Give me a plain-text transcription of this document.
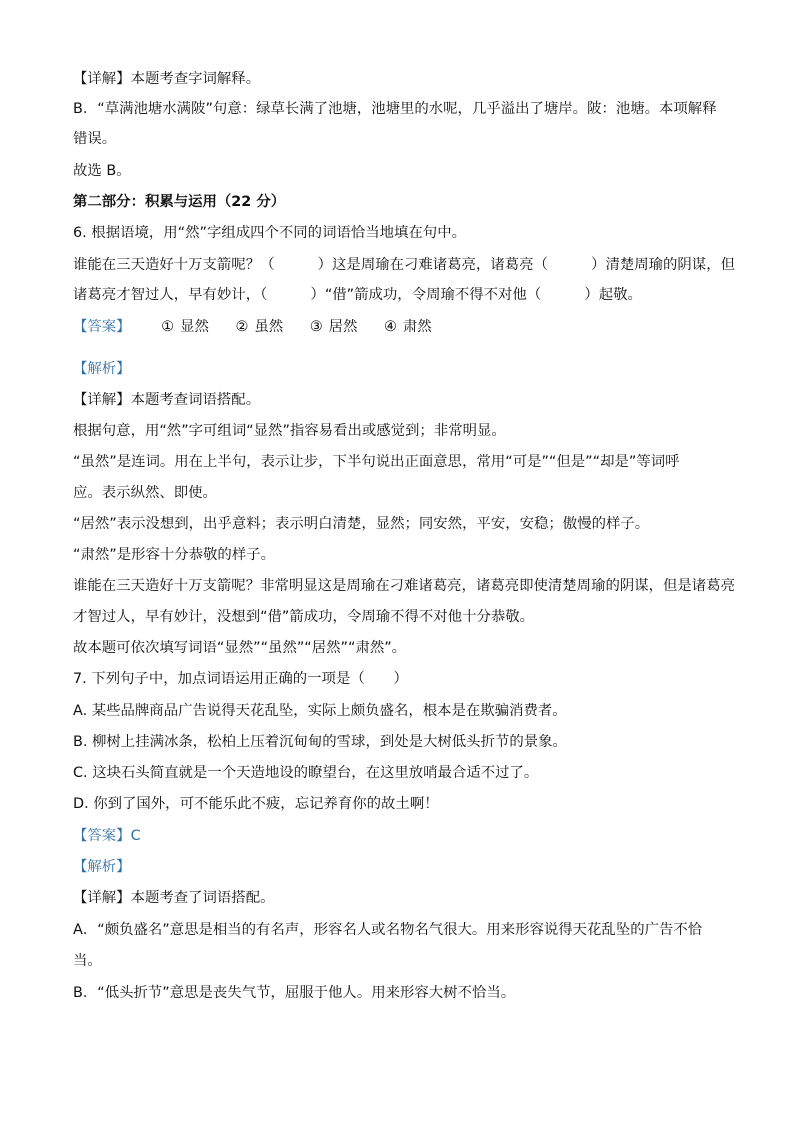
【详解】本题考查字词解释。
B．“草满池塘水满陂”句意：绿草长满了池塘，池塘里的水呢，几乎溢出了塘岸。陂：池塘。本项解释
错误。
故选 B。
第二部分：积累与运用（22 分）
6. 根据语境，用“然”字组成四个不同的词语恰当地填在句中。
谁能在三天造好十万支箭呢？（　　　）这是周瑜在刁难诸葛亮，诸葛亮（　　　）清楚周瑜的阴谋，但
诸葛亮才智过人，早有妙计，（　　　）“借”箭成功，令周瑜不得不对他（　　　）起敬。
【答案】 ① 显然 ② 虽然 ③ 居然 ④ 肃然
【解析】
【详解】本题考查词语搭配。
根据句意，用“然”字可组词“显然”指容易看出或感觉到；非常明显。
“虽然”是连词。用在上半句，表示让步，下半句说出正面意思，常用“可是”“但是”“却是”等词呼
应。表示纵然、即使。
“居然”表示没想到，出乎意料；表示明白清楚，显然；同安然，平安，安稳；傲慢的样子。
“肃然”是形容十分恭敬的样子。
谁能在三天造好十万支箭呢？非常明显这是周瑜在刁难诸葛亮，诸葛亮即使清楚周瑜的阴谋，但是诸葛亮
才智过人，早有妙计，没想到“借”箭成功，令周瑜不得不对他十分恭敬。
故本题可依次填写词语“显然”“虽然”“居然”“肃然”。
7. 下列句子中，加点词语运用正确的一项是（　　）
A. 某些品牌商品广告说得天花乱坠，实际上颇负盛名，根本是在欺骗消费者。
B. 柳树上挂满冰条，松柏上压着沉甸甸的雪球，到处是大树低头折节的景象。
C. 这块石头简直就是一个天造地设的瞭望台，在这里放哨最合适不过了。
D. 你到了国外，可不能乐此不疲，忘记养育你的故土啊！
【答案】C
【解析】
【详解】本题考查了词语搭配。
A．“颇负盛名”意思是相当的有名声，形容名人或名物名气很大。用来形容说得天花乱坠的广告不恰
当。
B．“低头折节”意思是丧失气节，屈服于他人。用来形容大树不恰当。
